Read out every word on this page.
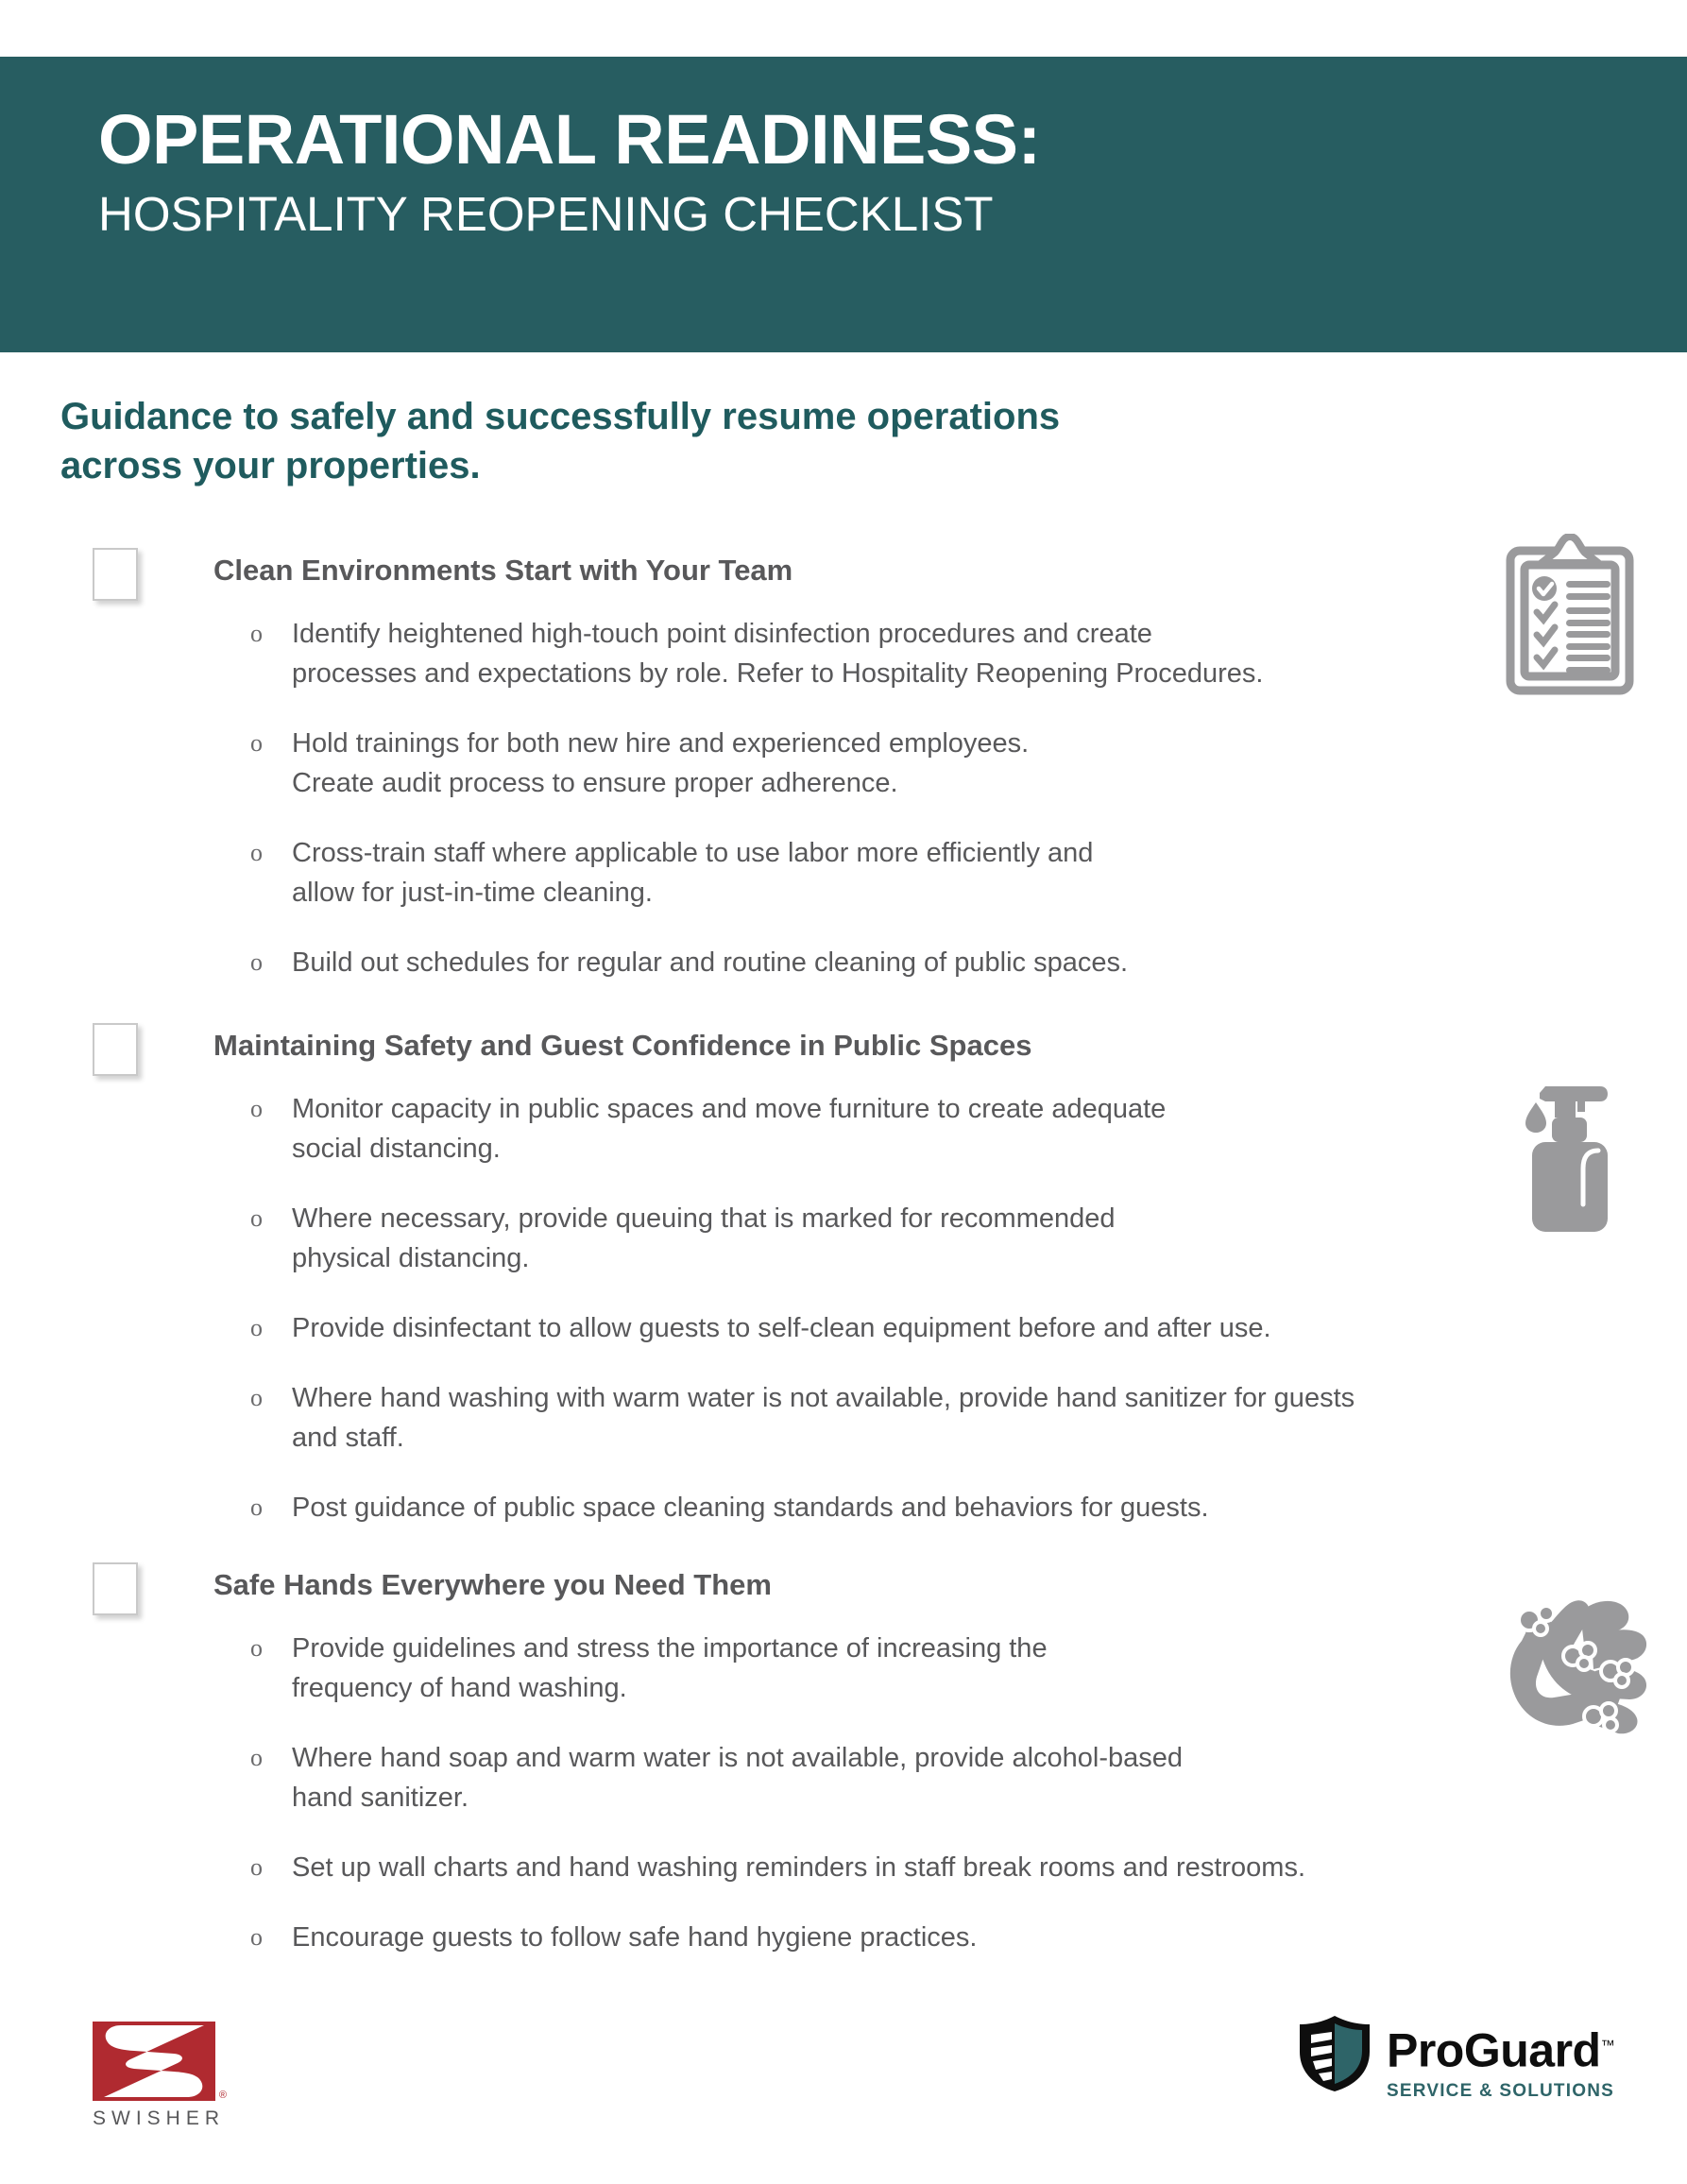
OPERATIONAL READINESS:
HOSPITALITY REOPENING CHECKLIST
Guidance to safely and successfully resume operations
across your properties.
Clean Environments Start with Your Team
o	Identify heightened high-touch point disinfection procedures and create
processes and expectations by role. Refer to Hospitality Reopening Procedures.
o	Hold trainings for both new hire and experienced employees.
Create audit process to ensure proper adherence.
o	Cross-train staff where applicable to use labor more efficiently and
allow for just-in-time cleaning.
o	Build out schedules for regular and routine cleaning of public spaces.
Maintaining Safety and Guest Confidence in Public Spaces
o	Monitor capacity in public spaces and move furniture to create adequate
social distancing.
o	Where necessary, provide queuing that is marked for recommended
physical distancing.
o	Provide disinfectant to allow guests to self-clean equipment before and after use.
o	Where hand washing with warm water is not available, provide hand sanitizer for guests
and staff.
o	Post guidance of public space cleaning standards and behaviors for guests.
Safe Hands Everywhere you Need Them
o	Provide guidelines and stress the importance of increasing the
frequency of hand washing.
o	Where hand soap and warm water is not available, provide alcohol-based
hand sanitizer.
o	Set up wall charts and hand washing reminders in staff break rooms and restrooms.
o	Encourage guests to follow safe hand hygiene practices.
®
SWISHER
ProGuard™
SERVICE & SOLUTIONS
